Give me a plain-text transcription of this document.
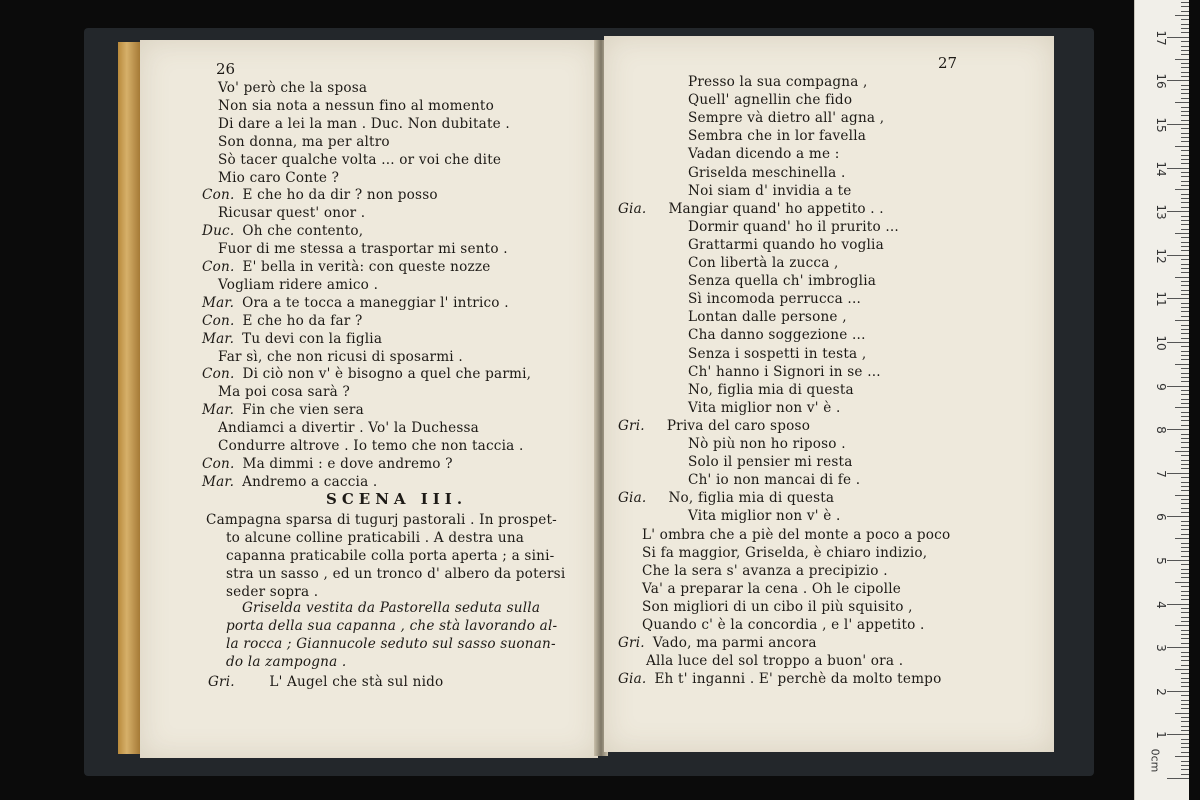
26
Vo' però che la sposa
Non sia nota a nessun fino al momento
Di dare a lei la man . Duc. Non dubitate .
Son donna, ma per altro
Sò tacer qualche volta ... or voi che dite
Mio caro Conte ?
Con. E che ho da dir ? non posso
Ricusar quest' onor .
Duc. Oh che contento,
Fuor di me stessa a trasportar mi sento .
Con. E' bella in verità: con queste nozze
Vogliam ridere amico .
Mar. Ora a te tocca a maneggiar l' intrico .
Con. E che ho da far ?
Mar. Tu devi con la figlia
Far sì, che non ricusi di sposarmi .
Con. Di ciò non v' è bisogno a quel che parmi,
Ma poi cosa sarà ?
Mar. Fin che vien sera
Andiamci a divertir . Vo' la Duchessa
Condurre altrove . Io temo che non taccia .
Con. Ma dimmi : e dove andremo ?
Mar. Andremo a caccia .
SCENA III.
Campagna sparsa di tugurj pastorali . In prospet-
to alcune colline praticabili . A destra una
capanna praticabile colla porta aperta ; a sini-
stra un sasso , ed un tronco d' albero da potersi
seder sopra .
Griselda vestita da Pastorella seduta sulla
porta della sua capanna , che stà lavorando al-
la rocca ; Giannucole seduto sul sasso suonan-
do la zampogna .
Gri.	L' Augel che stà sul nido
27
Presso la sua compagna ,
Quell' agnellin che fido
Sempre và dietro all' agna ,
Sembra che in lor favella
Vadan dicendo a me :
Griselda meschinella .
Noi siam d' invidia a te
Gia. Mangiar quand' ho appetito . .
Dormir quand' ho il prurito ...
Grattarmi quando ho voglia
Con libertà la zucca ,
Senza quella ch' imbroglia
Sì incomoda perrucca ...
Lontan dalle persone ,
Cha danno soggezione ...
Senza i sospetti in testa ,
Ch' hanno i Signori in se ...
No, figlia mia di questa
Vita miglior non v' è .
Gri. Priva del caro sposo
Nò più non ho riposo .
Solo il pensier mi resta
Ch' io non mancai di fe .
Gia. No, figlia mia di questa
Vita miglior non v' è .
L' ombra che a piè del monte a poco a poco
Si fa maggior, Griselda, è chiaro indizio,
Che la sera s' avanza a precipizio .
Va' a preparar la cena . Oh le cipolle
Son migliori di un cibo il più squisito ,
Quando c' è la concordia , e l' appetito .
Gri. Vado, ma parmi ancora
Alla luce del sol troppo a buon' ora .
Gia. Eh t' inganni . E' perchè da molto tempo
17
16
15
14
13
12
11
10
9
8
7
6
5
4
3
2
1
0cm
